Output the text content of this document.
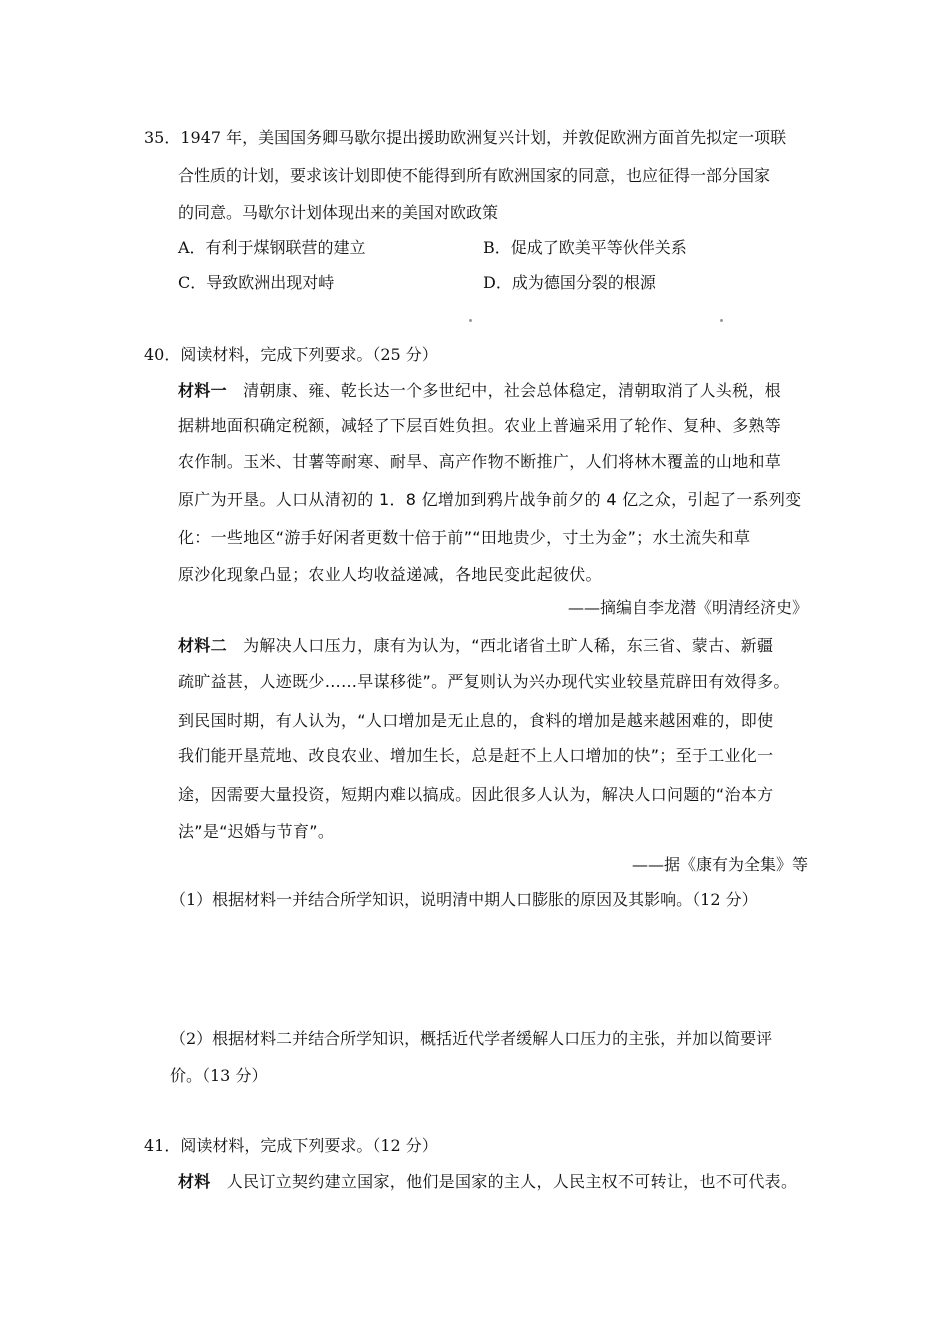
35．1947 年，美国国务卿马歇尔提出援助欧洲复兴计划，并敦促欧洲方面首先拟定一项联
合性质的计划，要求该计划即使不能得到所有欧洲国家的同意，也应征得一部分国家
的同意。马歇尔计划体现出来的美国对欧政策
A．有利于煤钢联营的建立	B．促成了欧美平等伙伴关系
C．导致欧洲出现对峙	D．成为德国分裂的根源
40．阅读材料，完成下列要求。（25 分）
材料一 清朝康、雍、乾长达一个多世纪中，社会总体稳定，清朝取消了人头税，根
据耕地面积确定税额，减轻了下层百姓负担。农业上普遍采用了轮作、复种、多熟等
农作制。玉米、甘薯等耐寒、耐旱、高产作物不断推广，人们将林木覆盖的山地和草
原广为开垦。人口从清初的 1．8 亿增加到鸦片战争前夕的 4 亿之众，引起了一系列变
化：一些地区“游手好闲者更数十倍于前”“田地贵少，寸土为金”；水土流失和草
原沙化现象凸显；农业人均收益递减，各地民变此起彼伏。
——摘编自李龙潜《明清经济史》
材料二 为解决人口压力，康有为认为，“西北诸省土旷人稀，东三省、蒙古、新疆
疏旷益甚，人迹既少……早谋移徙”。严复则认为兴办现代实业较垦荒辟田有效得多。
到民国时期，有人认为，“人口增加是无止息的，食料的增加是越来越困难的，即使
我们能开垦荒地、改良农业、增加生长，总是赶不上人口增加的快”；至于工业化一
途，因需要大量投资，短期内难以搞成。因此很多人认为，解决人口问题的“治本方
法”是“迟婚与节育”。
——据《康有为全集》等
（1）根据材料一并结合所学知识，说明清中期人口膨胀的原因及其影响。（12 分）
（2）根据材料二并结合所学知识，概括近代学者缓解人口压力的主张，并加以简要评
价。（13 分）
41．阅读材料，完成下列要求。（12 分）
材料 人民订立契约建立国家，他们是国家的主人，人民主权不可转让，也不可代表。
